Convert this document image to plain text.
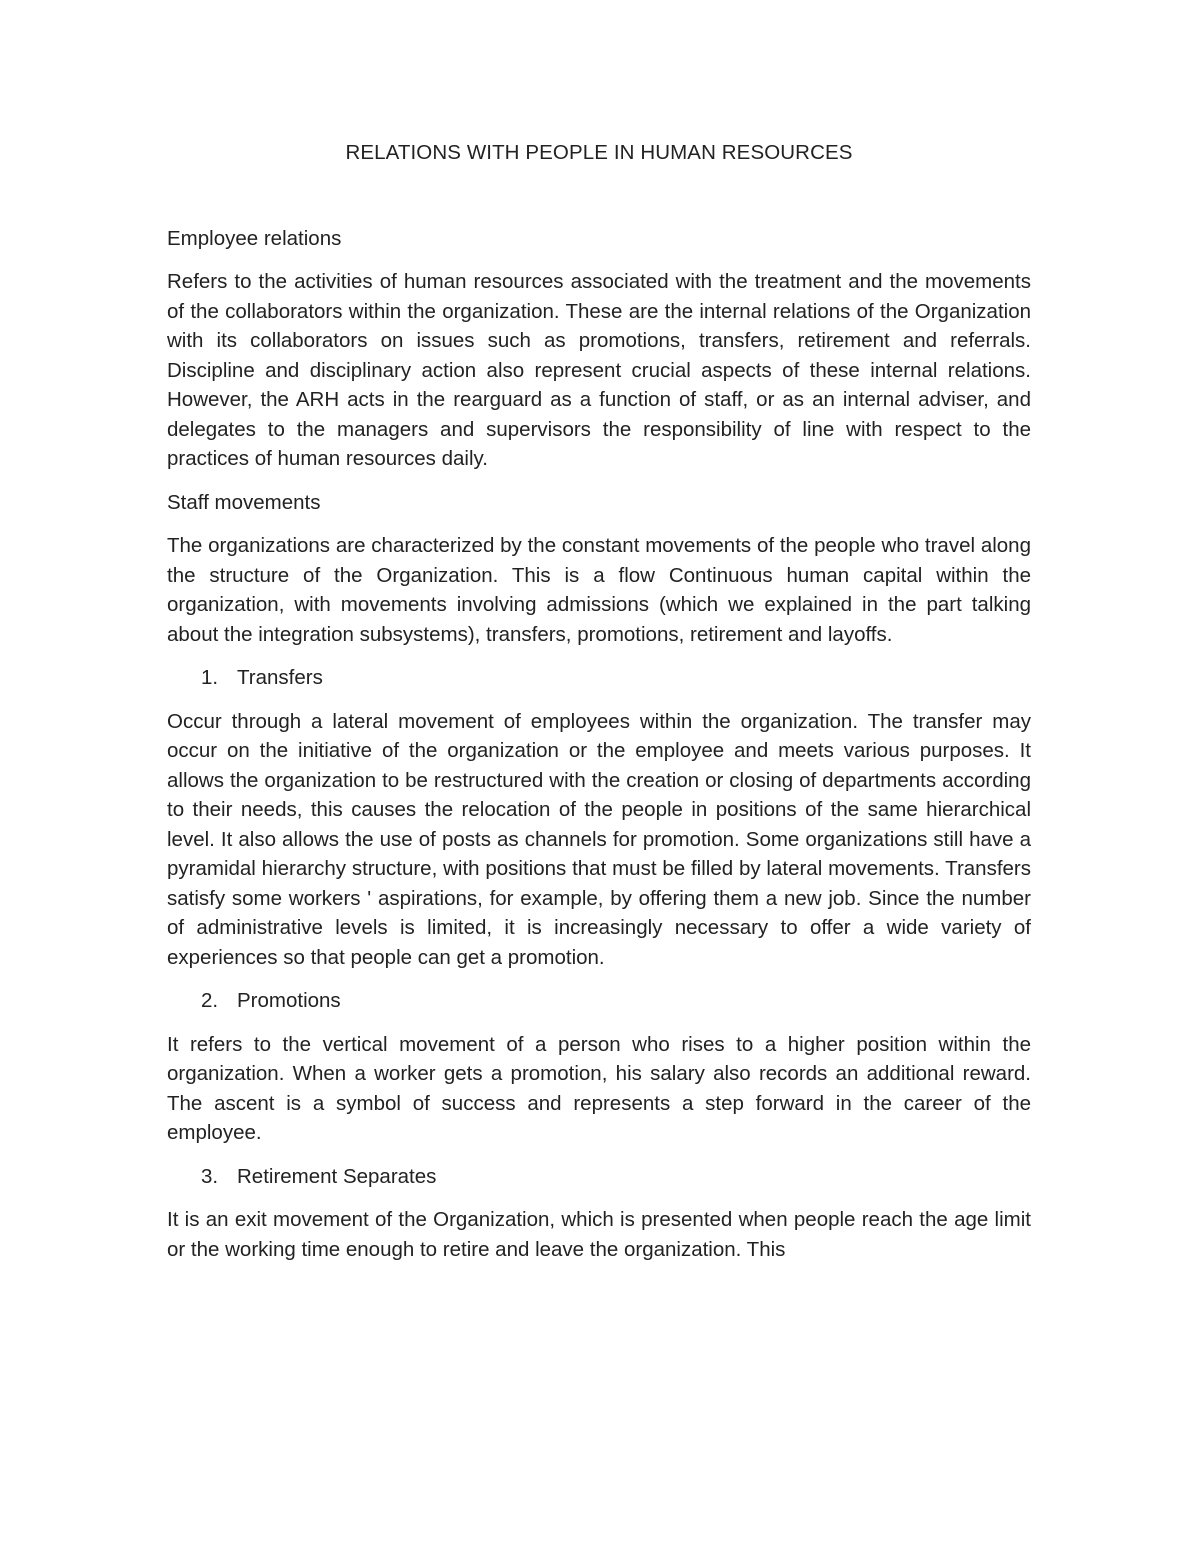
RELATIONS WITH PEOPLE IN HUMAN RESOURCES
Employee relations

Refers to the activities of human resources associated with the treatment and the movements of the collaborators within the organization. These are the internal relations of the Organization with its collaborators on issues such as promotions, transfers, retirement and referrals. Discipline and disciplinary action also represent crucial aspects of these internal relations. However, the ARH acts in the rearguard as a function of staff, or as an internal adviser, and delegates to the managers and supervisors the responsibility of line with respect to the practices of human resources daily.

Staff movements

The organizations are characterized by the constant movements of the people who travel along the structure of the Organization. This is a flow Continuous human capital within the organization, with movements involving admissions (which we explained in the part talking about the integration subsystems), transfers, promotions, retirement and layoffs.

1. Transfers

Occur through a lateral movement of employees within the organization. The transfer may occur on the initiative of the organization or the employee and meets various purposes. It allows the organization to be restructured with the creation or closing of departments according to their needs, this causes the relocation of the people in positions of the same hierarchical level. It also allows the use of posts as channels for promotion. Some organizations still have a pyramidal hierarchy structure, with positions that must be filled by lateral movements. Transfers satisfy some workers ' aspirations, for example, by offering them a new job. Since the number of administrative levels is limited, it is increasingly necessary to offer a wide variety of experiences so that people can get a promotion.

2. Promotions

It refers to the vertical movement of a person who rises to a higher position within the organization. When a worker gets a promotion, his salary also records an additional reward. The ascent is a symbol of success and represents a step forward in the career of the employee.

3. Retirement Separates

It is an exit movement of the Organization, which is presented when people reach the age limit or the working time enough to retire and leave the organization. This
